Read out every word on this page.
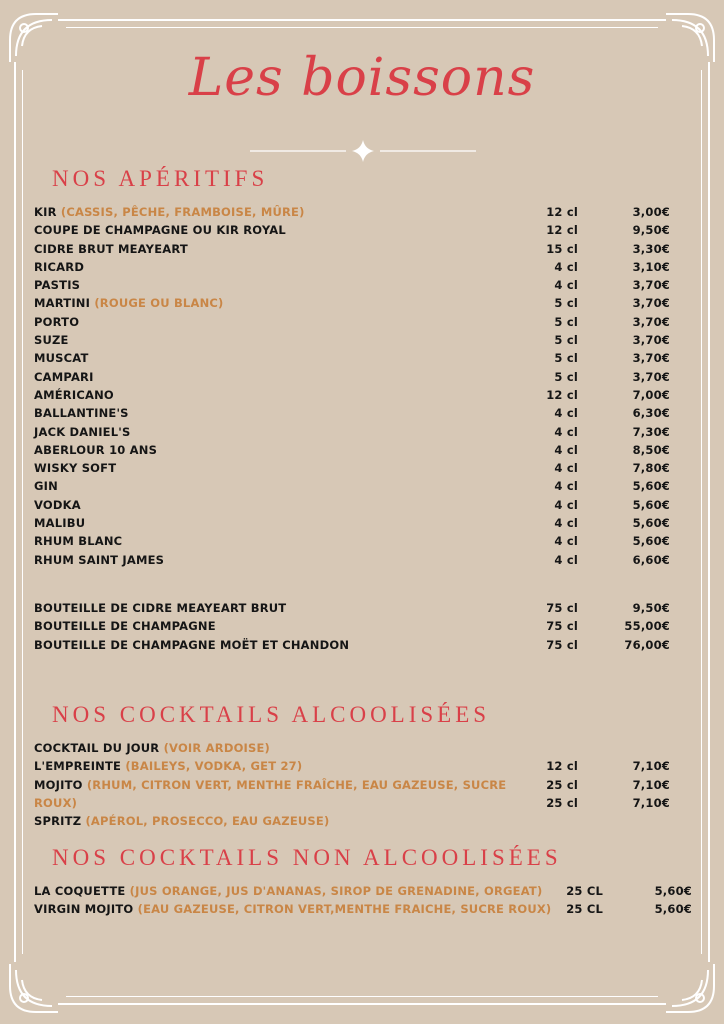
Les boissons
NOS APÉRITIFS
KIR (CASSIS, PÊCHE, FRAMBOISE, MÛRE)	12 cl	3,00€
COUPE DE CHAMPAGNE OU KIR ROYAL	12 cl	9,50€
CIDRE BRUT MEAYEART	15 cl	3,30€
RICARD	4 cl	3,10€
PASTIS	4 cl	3,70€
MARTINI (ROUGE OU BLANC)	5 cl	3,70€
PORTO	5 cl	3,70€
SUZE	5 cl	3,70€
MUSCAT	5 cl	3,70€
CAMPARI	5 cl	3,70€
AMÉRICANO	12 cl	7,00€
BALLANTINE'S	4 cl	6,30€
JACK DANIEL'S	4 cl	7,30€
ABERLOUR 10 ANS	4 cl	8,50€
WISKY SOFT	4 cl	7,80€
GIN	4 cl	5,60€
VODKA	4 cl	5,60€
MALIBU	4 cl	5,60€
RHUM BLANC	4 cl	5,60€
RHUM SAINT JAMES	4 cl	6,60€
BOUTEILLE DE CIDRE MEAYEART BRUT	75 cl	9,50€
BOUTEILLE DE CHAMPAGNE	75 cl	55,00€
BOUTEILLE DE CHAMPAGNE MOËT ET CHANDON	75 cl	76,00€
NOS COCKTAILS ALCOOLISÉES
COCKTAIL DU JOUR (VOIR ARDOISE)
L'EMPREINTE (BAILEYS, VODKA, GET 27)	12 cl	7,10€
MOJITO (RHUM, CITRON VERT, MENTHE FRAÎCHE, EAU GAZEUSE, SUCRE	25 cl	7,10€
ROUX)	25 cl	7,10€
SPRITZ (APÉROL, PROSECCO, EAU GAZEUSE)
NOS COCKTAILS NON ALCOOLISÉES
LA COQUETTE (JUS ORANGE, JUS D'ANANAS, SIROP DE GRENADINE, ORGEAT) 25 CL	5,60€
VIRGIN MOJITO (EAU GAZEUSE, CITRON VERT,MENTHE FRAICHE, SUCRE ROUX) 25 CL	5,60€
